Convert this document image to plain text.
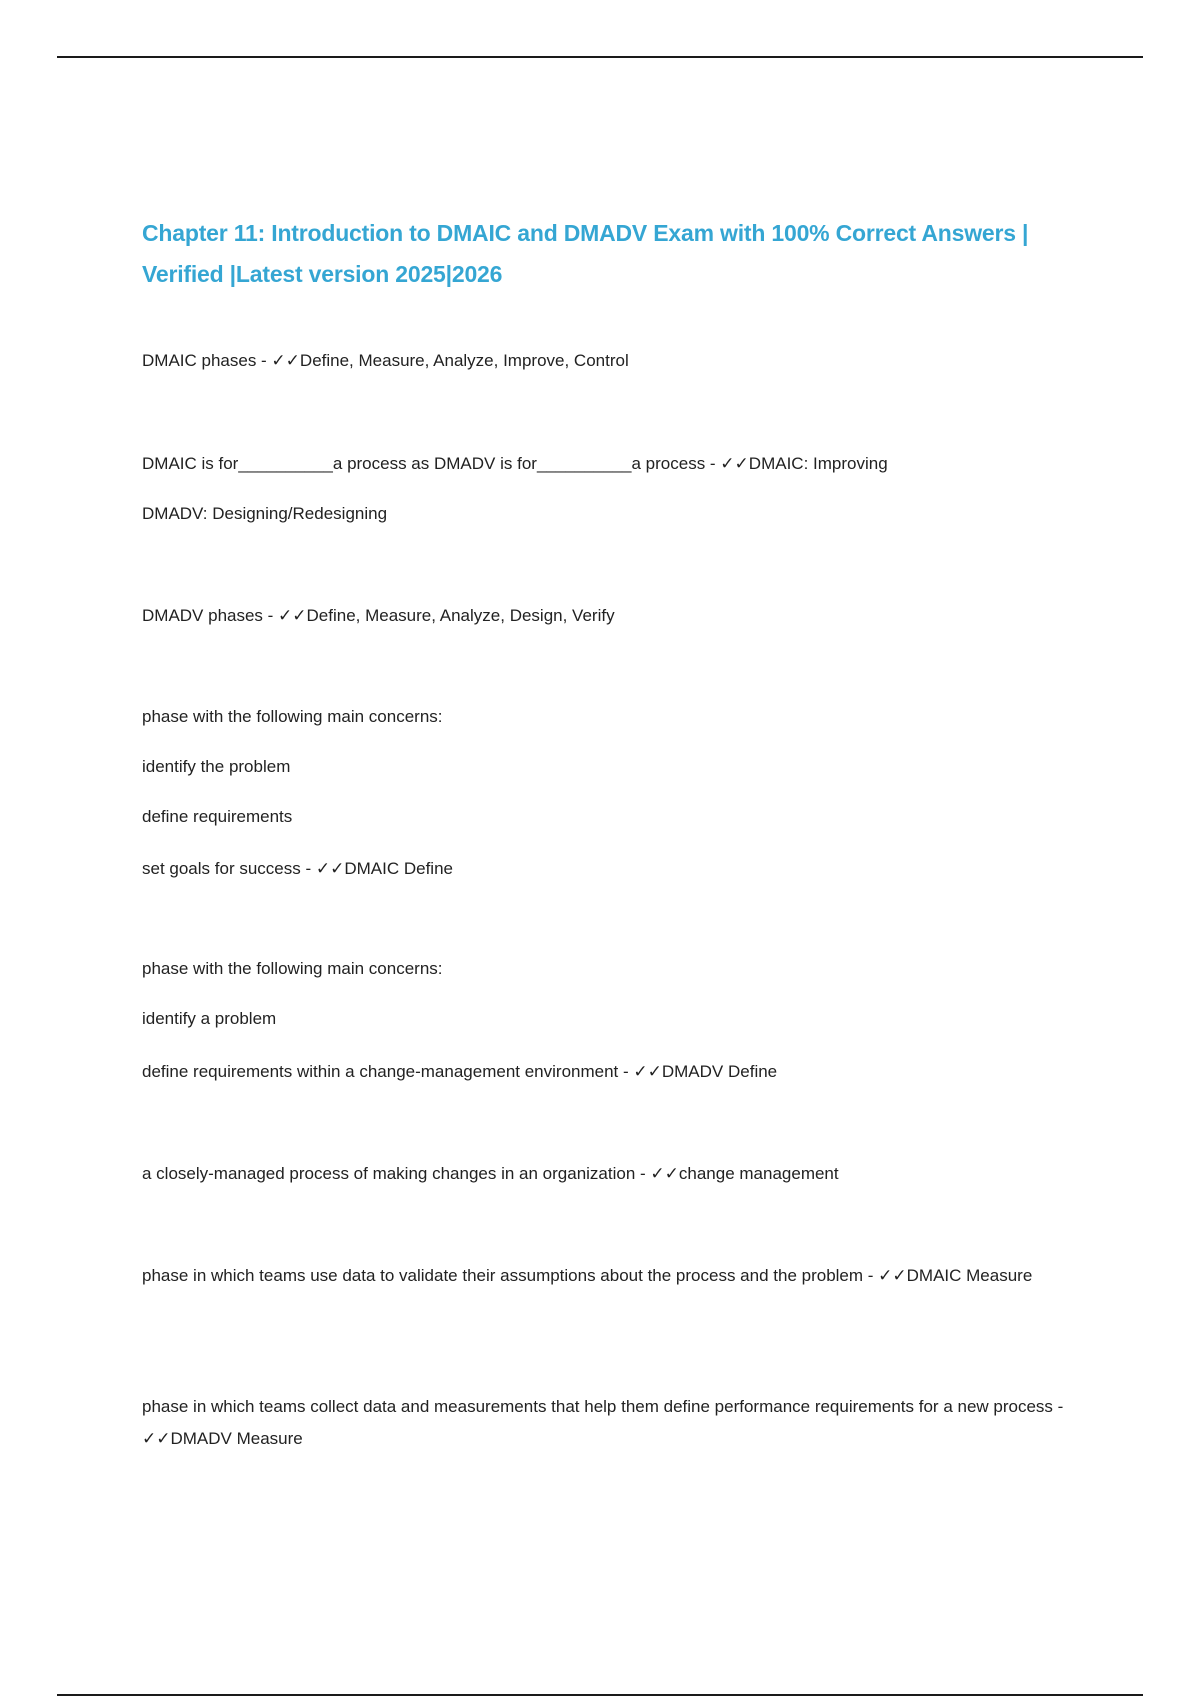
Chapter 11: Introduction to DMAIC and DMADV Exam with 100% Correct Answers | Verified |Latest version 2025|2026

DMAIC phases - ✓✓Define, Measure, Analyze, Improve, Control

DMAIC is for__________a process as DMADV is for__________a process - ✓✓DMAIC: Improving

DMADV: Designing/Redesigning

DMADV phases - ✓✓Define, Measure, Analyze, Design, Verify

phase with the following main concerns:

identify the problem

define requirements

set goals for success - ✓✓DMAIC Define

phase with the following main concerns:

identify a problem

define requirements within a change-management environment - ✓✓DMADV Define

a closely-managed process of making changes in an organization - ✓✓change management

phase in which teams use data to validate their assumptions about the process and the problem - ✓✓DMAIC Measure

phase in which teams collect data and measurements that help them define performance requirements for a new process - ✓✓DMADV Measure
